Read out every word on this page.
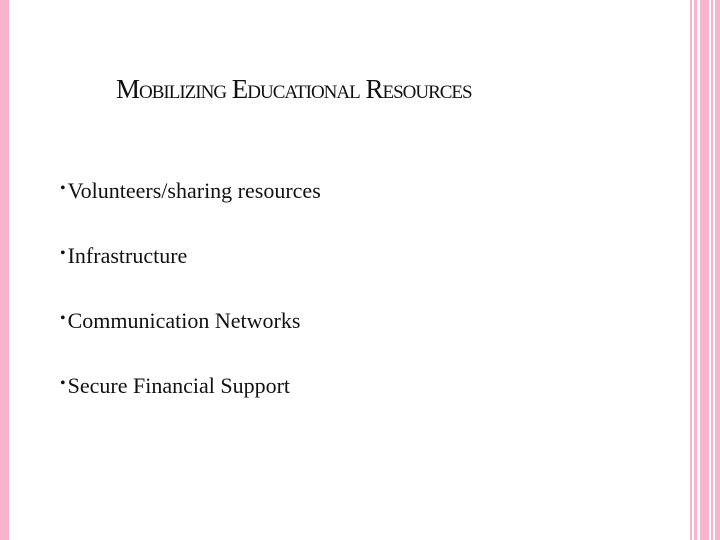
Mobilizing Educational Resources
• Volunteers/sharing resources
• Infrastructure
• Communication Networks
• Secure Financial Support
